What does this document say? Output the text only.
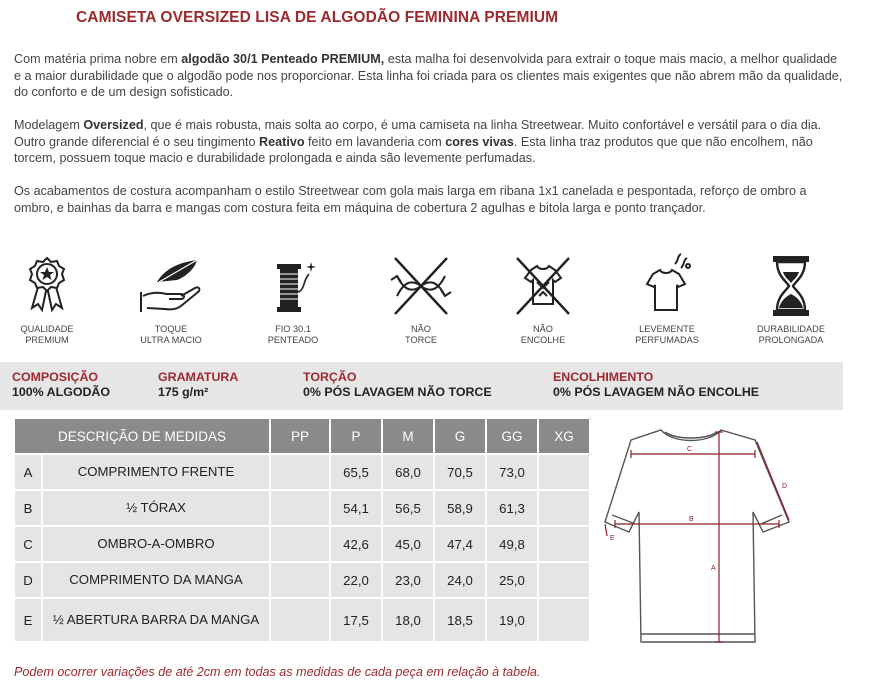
CAMISETA OVERSIZED LISA DE ALGODÃO FEMININA PREMIUM
Com matéria prima nobre em algodão 30/1 Penteado PREMIUM, esta malha foi desenvolvida para extrair o toque mais macio, a melhor qualidade e a maior durabilidade que o algodão pode nos proporcionar. Esta linha foi criada para os clientes mais exigentes que não abrem mão da qualidade, do conforto e de um design sofisticado.
Modelagem Oversized, que é mais robusta, mais solta ao corpo, é uma camiseta na linha Streetwear. Muito confortável e versátil para o dia dia. Outro grande diferencial é o seu tingimento Reativo feito em lavanderia com cores vivas. Esta linha traz produtos que que não encolhem, não torcem, possuem toque macio e durabilidade prolongada e ainda são levemente perfumadas.
Os acabamentos de costura acompanham o estilo Streetwear com gola mais larga em ribana 1x1 canelada e pespontada, reforço de ombro a ombro, e bainhas da barra e mangas com costura feita em máquina de cobertura 2 agulhas e bitola larga e ponto trançador.
QUALIDADE
PREMIUM
TOQUE
ULTRA MACIO
FIO 30.1
PENTEADO
NÃO
TORCE
NÃO
ENCOLHE
LEVEMENTE
PERFUMADAS
DURABILIDADE
PROLONGADA
COMPOSIÇÃO
100% ALGODÃO
GRAMATURA
175 g/m²
TORÇÃO
0% PÓS LAVAGEM NÃO TORCE
ENCOLHIMENTO
0% PÓS LAVAGEM NÃO ENCOLHE
DESCRIÇÃO DE MEDIDAS		PP	P	M	G	GG	XG
A	COMPRIMENTO FRENTE		65,5	68,0	70,5	73,0	
B	½ TÓRAX		54,1	56,5	58,9	61,3	
C	OMBRO-A-OMBRO		42,6	45,0	47,4	49,8	
D	COMPRIMENTO DA MANGA		22,0	23,0	24,0	25,0	
E	½ ABERTURA BARRA DA MANGA		17,5	18,0	18,5	19,0	
C
B
A
D
E
Podem ocorrer variações de até 2cm em todas as medidas de cada peça em relação à tabela.
